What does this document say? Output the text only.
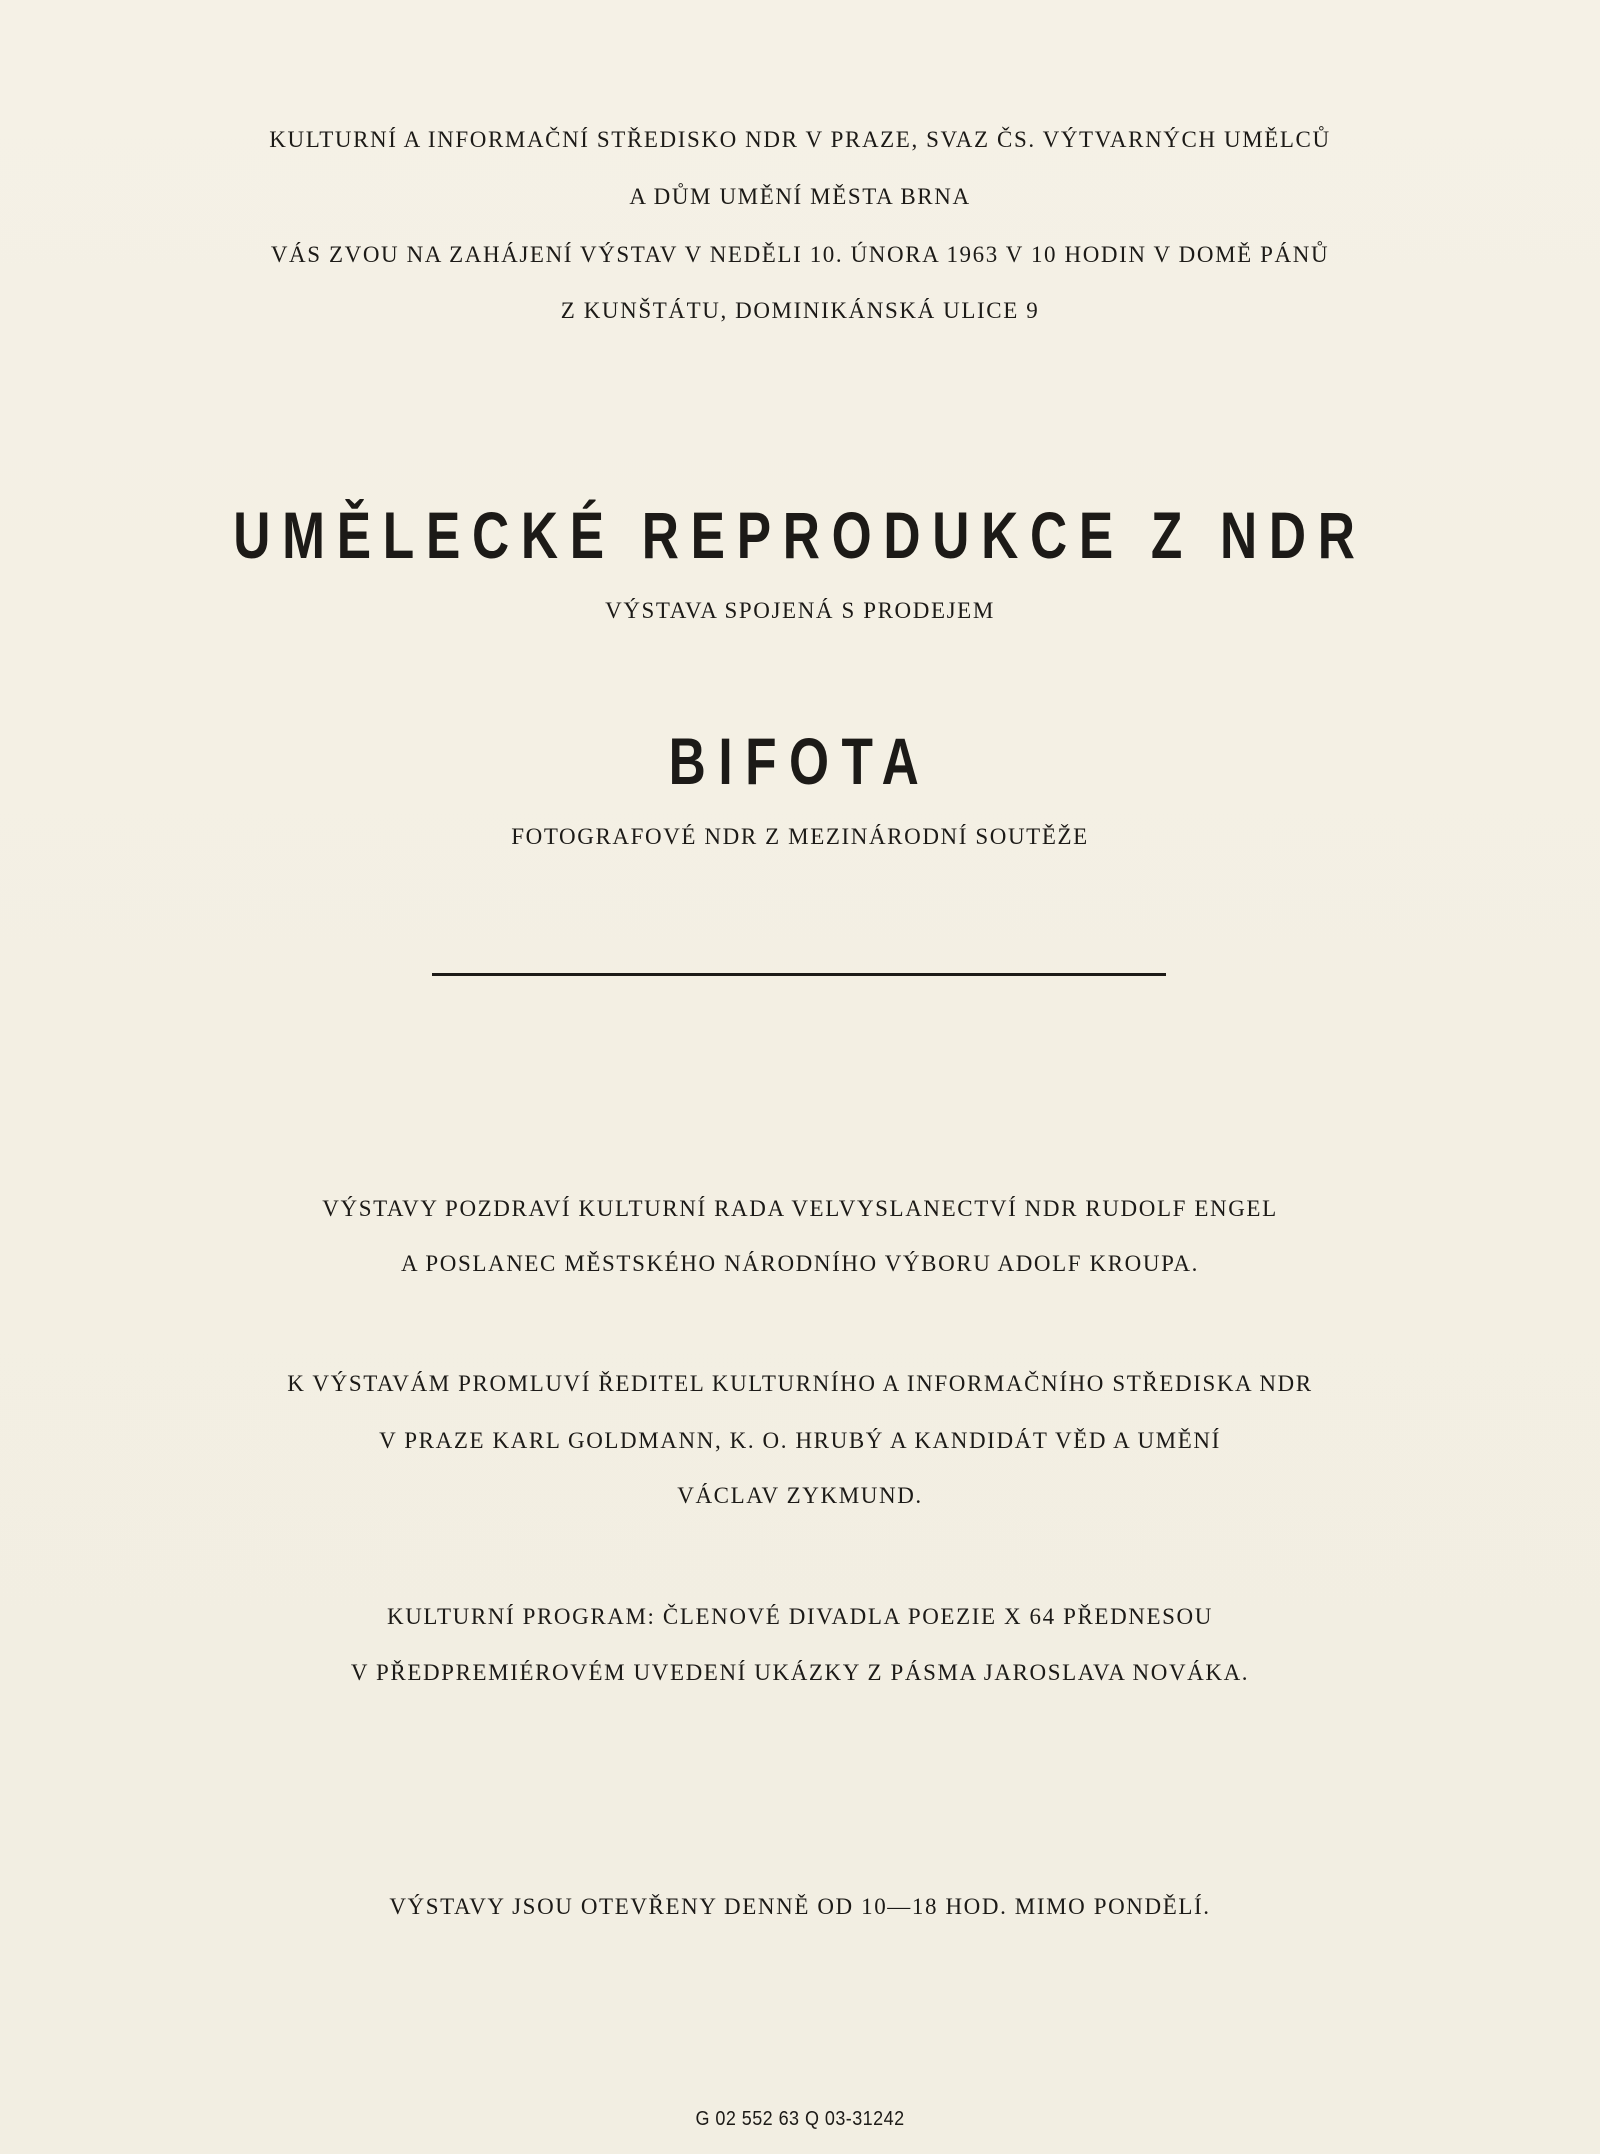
KULTURNÍ A INFORMAČNÍ STŘEDISKO NDR V PRAZE, SVAZ ČS. VÝTVARNÝCH UMĚLCŮ
A DŮM UMĚNÍ MĚSTA BRNA
VÁS ZVOU NA ZAHÁJENÍ VÝSTAV V NEDĚLI 10. ÚNORA 1963 V 10 HODIN V DOMĚ PÁNŮ
Z KUNŠTÁTU, DOMINIKÁNSKÁ ULICE 9
UMĚLECKÉ REPRODUKCE Z NDR
VÝSTAVA SPOJENÁ S PRODEJEM
BIFOTA
FOTOGRAFOVÉ NDR Z MEZINÁRODNÍ SOUTĚŽE
VÝSTAVY POZDRAVÍ KULTURNÍ RADA VELVYSLANECTVÍ NDR RUDOLF ENGEL
A POSLANEC MĚSTSKÉHO NÁRODNÍHO VÝBORU ADOLF KROUPA.
K VÝSTAVÁM PROMLUVÍ ŘEDITEL KULTURNÍHO A INFORMAČNÍHO STŘEDISKA NDR
V PRAZE KARL GOLDMANN, K. O. HRUBÝ A KANDIDÁT VĚD A UMĚNÍ
VÁCLAV ZYKMUND.
KULTURNÍ PROGRAM: ČLENOVÉ DIVADLA POEZIE X 64 PŘEDNESOU
V PŘEDPREMIÉROVÉM UVEDENÍ UKÁZKY Z PÁSMA JAROSLAVA NOVÁKA.
VÝSTAVY JSOU OTEVŘENY DENNĚ OD 10—18 HOD. MIMO PONDĚLÍ.
G 02 552 63 Q 03-31242
